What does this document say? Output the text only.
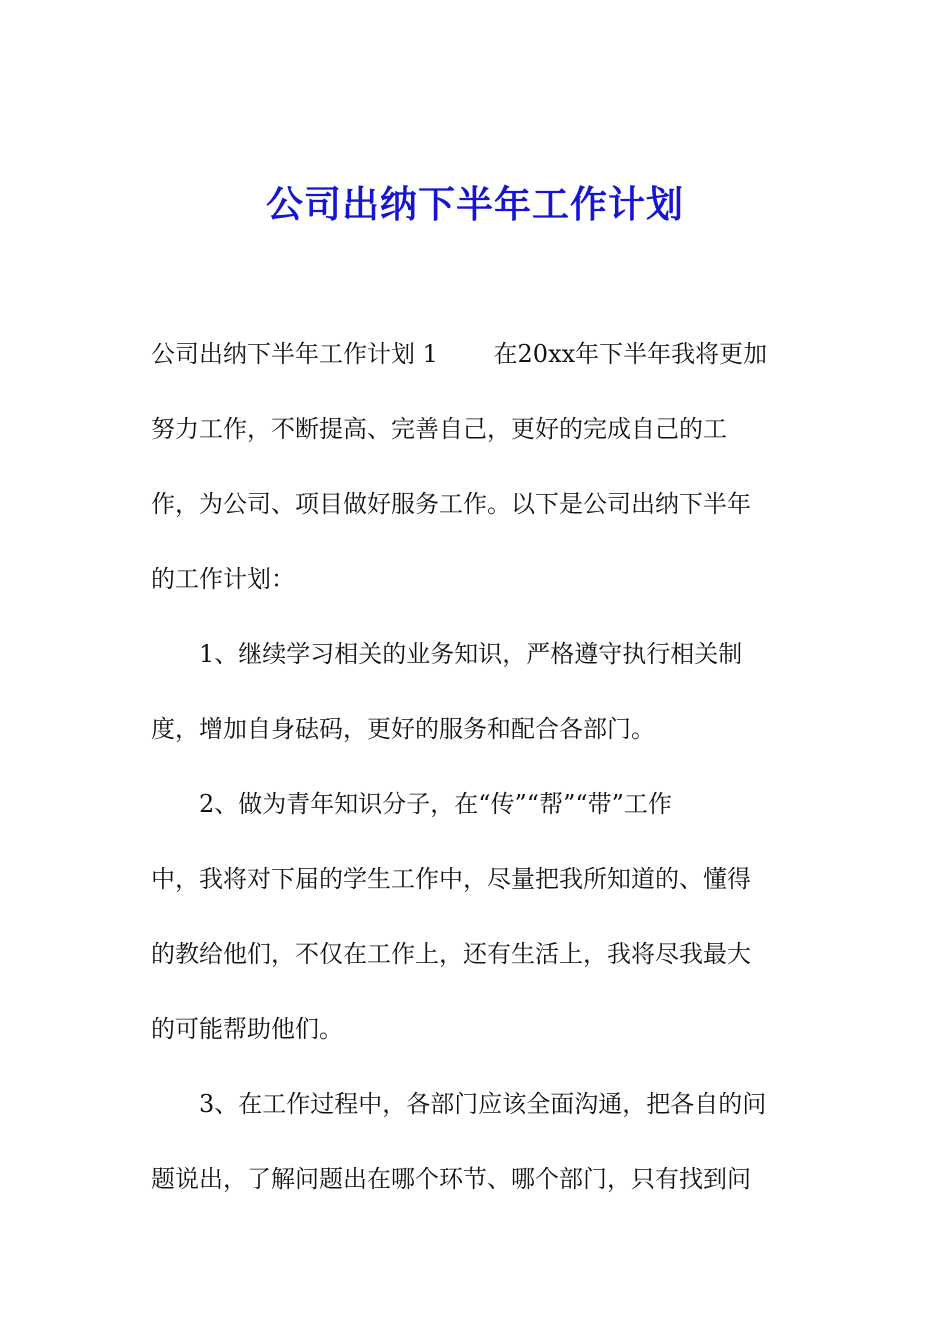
公司出纳下半年工作计划
公司出纳下半年工作计划 1　　 在20xx年下半年我将更加
努力工作，不断提高、完善自己，更好的完成自己的工
作，为公司、项目做好服务工作。以下是公司出纳下半年
的工作计划：
1、继续学习相关的业务知识，严格遵守执行相关制
度，增加自身砝码，更好的服务和配合各部门。
2、做为青年知识分子，在“传”“帮”“带”工作
中，我将对下届的学生工作中，尽量把我所知道的、懂得
的教给他们，不仅在工作上，还有生活上，我将尽我最大
的可能帮助他们。
3、在工作过程中，各部门应该全面沟通，把各自的问
题说出，了解问题出在哪个环节、哪个部门，只有找到问
